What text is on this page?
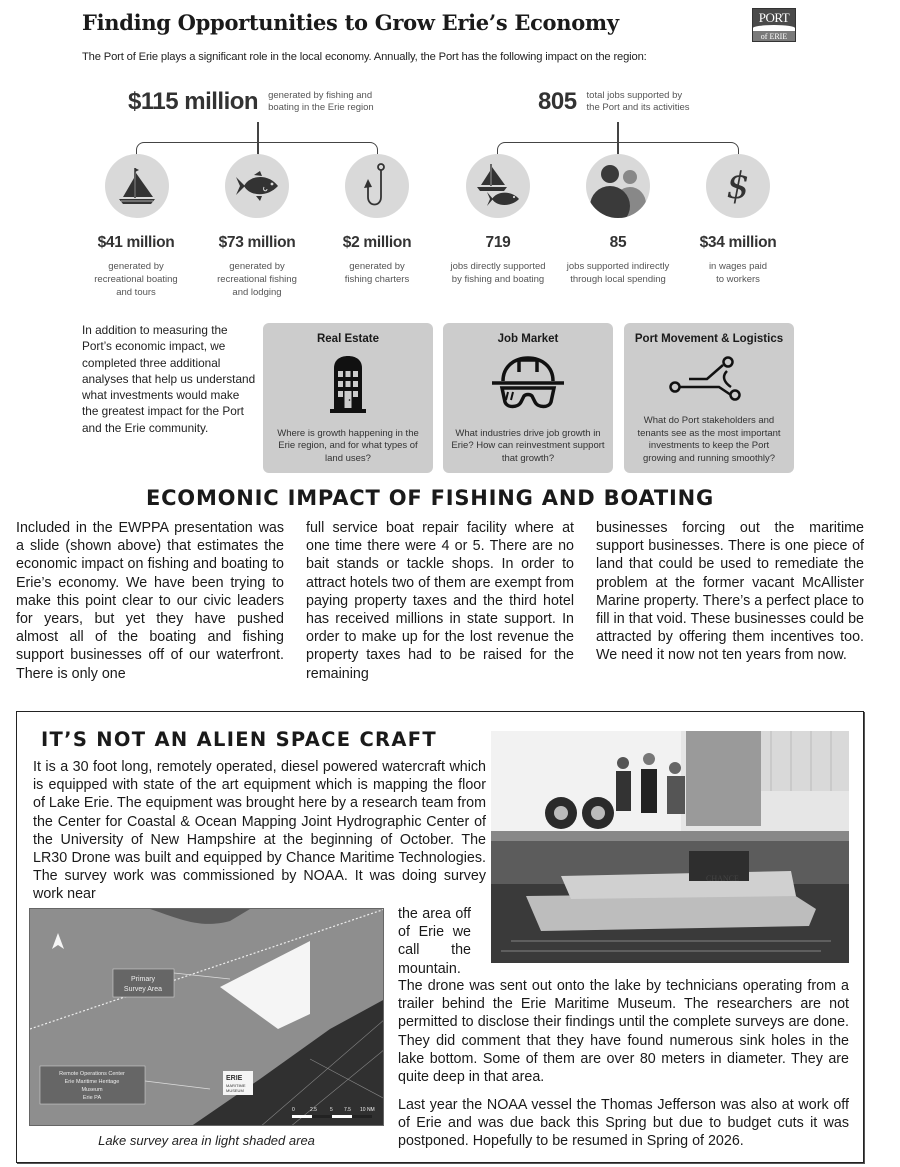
Finding Opportunities to Grow Erie’s Economy	PORT
of ERIE
The Port of Erie plays a significant role in the local economy. Annually, the Port has the following impact on the region:
$115 million generated by fishing and
boating in the Erie region
$41 million
generated by
recreational boating
and tours
$73 million
generated by
recreational fishing
and lodging
$2 million
generated by
fishing charters
805 total jobs supported by
the Port and its activities
$
719
jobs directly supported
by fishing and boating
85
jobs supported indirectly
through local spending
$34 million
in wages paid
to workers
In addition to measuring the Port’s economic impact, we completed three additional analyses that help us understand what investments would make the greatest impact for the Port and the Erie community.
Real Estate
Where is growth happening in the Erie region, and for what types of land uses?
Job Market
What industries drive job growth in Erie? How can reinvestment support that growth?
Port Movement & Logistics
What do Port stakeholders and tenants see as the most important investments to keep the Port growing and running smoothly?
ECOMONIC IMPACT OF FISHING AND BOATING
Included in the EWPPA presentation was a slide (shown above) that estimates the economic impact on fishing and boating to Erie’s economy. We have been trying to make this point clear to our civic leaders for years, but yet they have pushed almost all of the boating and fishing support businesses off of our waterfront. There is only one
full service boat repair facility where at one time there were 4 or 5. There are no bait stands or tackle shops. In order to attract hotels two of them are exempt from paying property taxes and the third hotel has received millions in state support. In order to make up for the lost revenue the property taxes had to be raised for the remaining
businesses forcing out the maritime support businesses. There is one piece of land that could be used to remediate the problem at the former vacant McAllister Marine property. There’s a perfect place to fill in that void. These businesses could be attracted by offering them incentives too. We need it now not ten years from now.
IT’S NOT AN ALIEN SPACE CRAFT
It is a 30 foot long, remotely operated, diesel powered watercraft which is equipped with state of the art equipment which is mapping the floor of Lake Erie. The equipment was brought here by a research team from the Center for Coastal & Ocean Mapping Joint Hydrographic Center of the University of New Hampshire at the beginning of October. The LR30 Drone was built and equipped by Chance Maritime Technologies. The survey work was commissioned by NOAA. It was doing survey work near
CHANCE
the area off of Erie we call the mountain.
Primary
Survey Area
Remote Operations Center
Erie Maritime Heritage
Museum
Erie PA
ERIE
MARITIME
MUSEUM
0	2.5	5 7.5 10 NM
Lake survey area in light shaded area
The drone was sent out onto the lake by technicians operating from a trailer behind the Erie Maritime Museum. The researchers are not permitted to disclose their findings until the complete surveys are done. They did comment that they have found numerous sink holes in the lake bottom. Some of them are over 80 meters in diameter. They are quite deep in that area.
Last year the NOAA vessel the Thomas Jefferson was also at work off of Erie and was due back this Spring but due to budget cuts it was postponed. Hopefully to be resumed in Spring of 2026.
